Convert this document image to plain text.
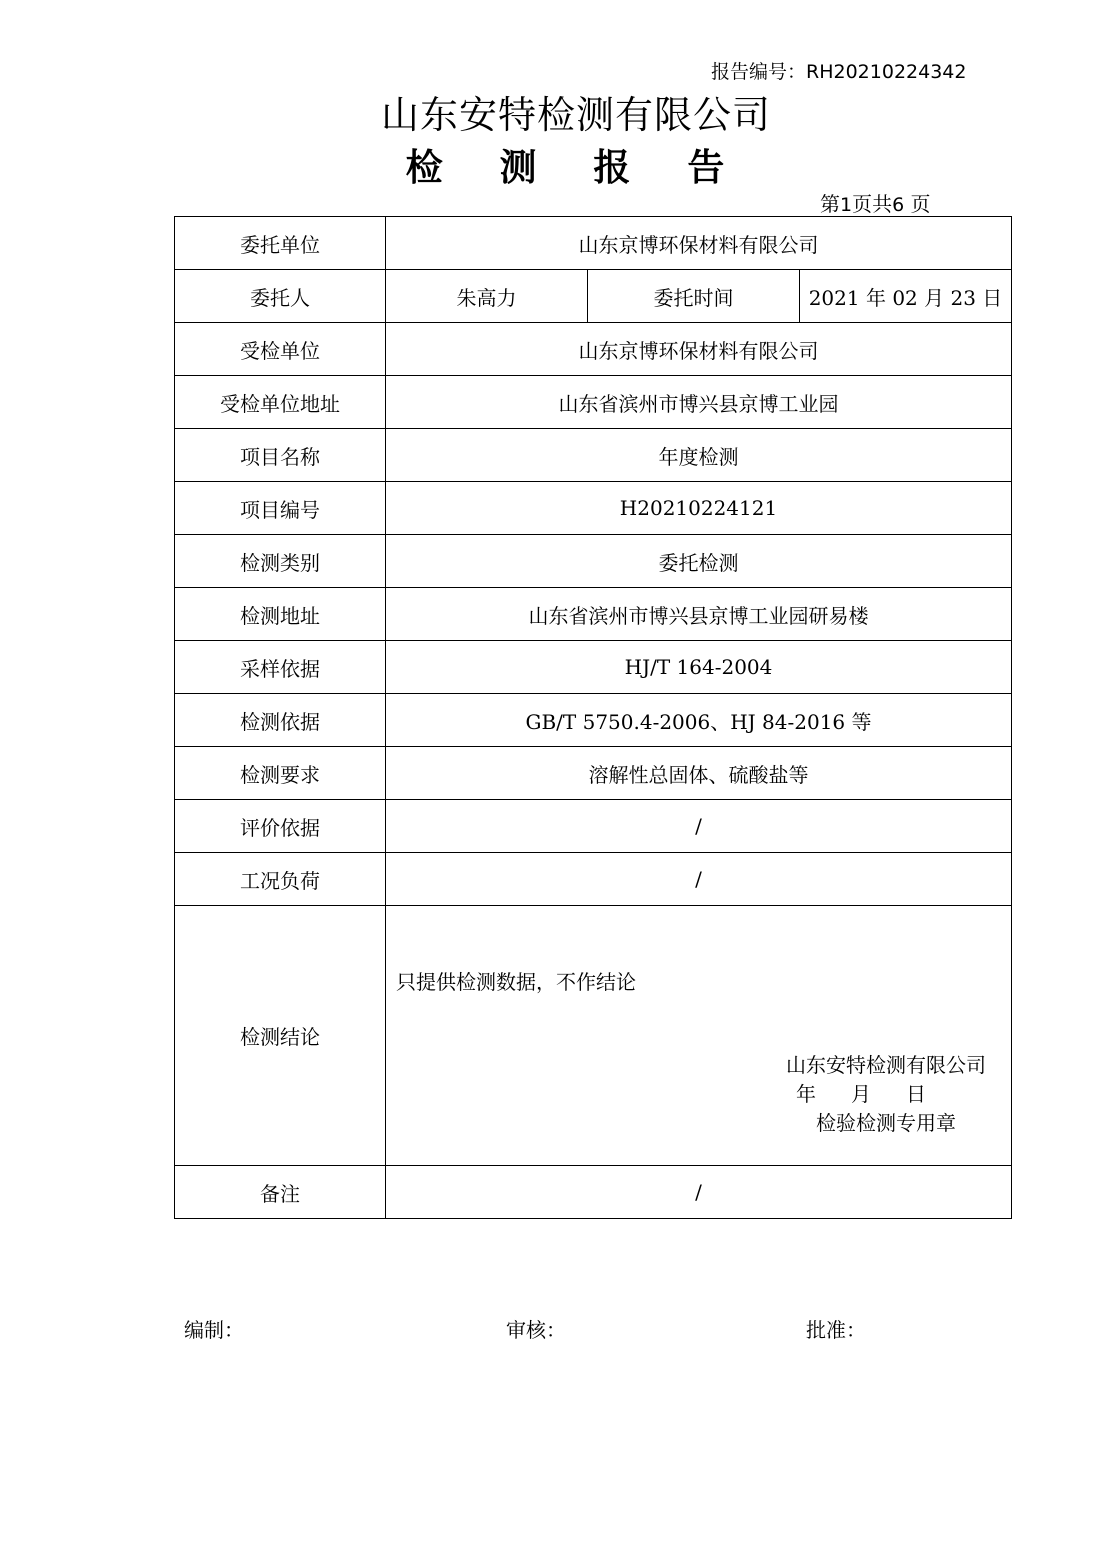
报告编号：RH20210224342
山东安特检测有限公司
检 测 报 告
第1页共6 页
委托单位	山东京博环保材料有限公司		
委托人	朱高力	委托时间	2021 年 02 月 23 日
受检单位	山东京博环保材料有限公司		
受检单位地址	山东省滨州市博兴县京博工业园		
项目名称	年度检测		
项目编号	H20210224121		
检测类别	委托检测		
检测地址	山东省滨州市博兴县京博工业园研易楼		
采样依据	HJ/T 164-2004		
检测依据	GB/T 5750.4-2006、HJ 84-2016 等		
检测要求	溶解性总固体、硫酸盐等		
评价依据	/		
工况负荷	/		
检测结论	只提供检测数据，不作结论
山东安特检测有限公司
年 月 日
检验检测专用章		

备注	/		
编制：	审核：	批准：
